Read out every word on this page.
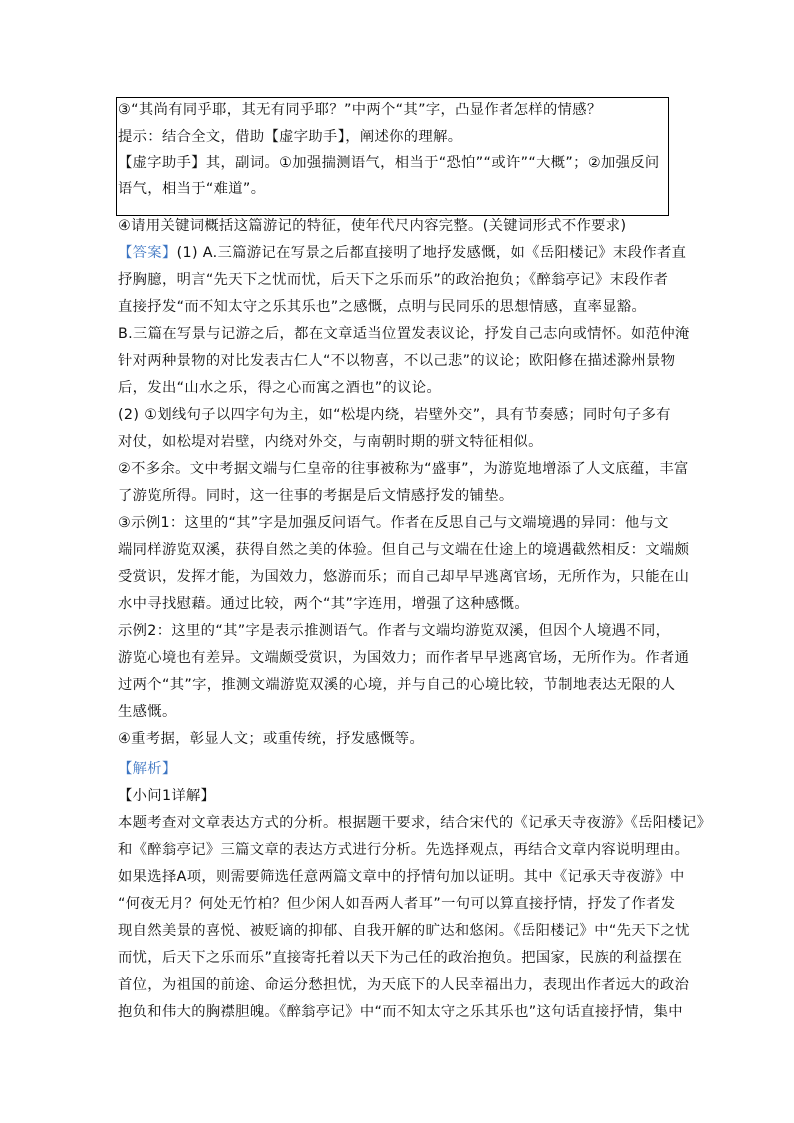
③“其尚有同乎耶，其无有同乎耶？”中两个“其”字，凸显作者怎样的情感？
提示：结合全文，借助【虚字助手】，阐述你的理解。
【虚字助手】其，副词。①加强揣测语气，相当于“恐怕”“或许”“大概”；②加强反问
语气，相当于“难道”。
④请用关键词概括这篇游记的特征，使年代尺内容完整。(关键词形式不作要求)
【答案】(1) A.三篇游记在写景之后都直接明了地抒发感慨，如《岳阳楼记》末段作者直
抒胸臆，明言“先天下之忧而忧，后天下之乐而乐”的政治抱负；《醉翁亭记》末段作者
直接抒发“而不知太守之乐其乐也”之感慨，点明与民同乐的思想情感，直率显豁。
B.三篇在写景与记游之后，都在文章适当位置发表议论，抒发自己志向或情怀。如范仲淹
针对两种景物的对比发表古仁人“不以物喜，不以己悲”的议论；欧阳修在描述滁州景物
后，发出“山水之乐，得之心而寓之酒也”的议论。
(2) ①划线句子以四字句为主，如“松堤内绕，岩壁外交”，具有节奏感；同时句子多有
对仗，如松堤对岩壁，内绕对外交，与南朝时期的骈文特征相似。
②不多余。文中考据文端与仁皇帝的往事被称为“盛事”，为游览地增添了人文底蕴，丰富
了游览所得。同时，这一往事的考据是后文情感抒发的铺垫。
③示例1：这里的“其”字是加强反问语气。作者在反思自己与文端境遇的异同：他与文
端同样游览双溪，获得自然之美的体验。但自己与文端在仕途上的境遇截然相反：文端颇
受赏识，发挥才能，为国效力，悠游而乐；而自己却早早逃离官场，无所作为，只能在山
水中寻找慰藉。通过比较，两个“其”字连用，增强了这种感慨。
示例2：这里的“其”字是表示推测语气。作者与文端均游览双溪，但因个人境遇不同，
游览心境也有差异。文端颇受赏识，为国效力；而作者早早逃离官场，无所作为。作者通
过两个“其”字，推测文端游览双溪的心境，并与自己的心境比较，节制地表达无限的人
生感慨。
④重考据，彰显人文；或重传统，抒发感慨等。
【解析】
【小问1详解】
本题考查对文章表达方式的分析。根据题干要求，结合宋代的《记承天寺夜游》《岳阳楼记》
和《醉翁亭记》三篇文章的表达方式进行分析。先选择观点，再结合文章内容说明理由。
如果选择A项，则需要筛选任意两篇文章中的抒情句加以证明。其中《记承天寺夜游》中
“何夜无月？何处无竹柏？但少闲人如吾两人者耳”一句可以算直接抒情，抒发了作者发
现自然美景的喜悦、被贬谪的抑郁、自我开解的旷达和悠闲。《岳阳楼记》中“先天下之忧
而忧，后天下之乐而乐”直接寄托着以天下为己任的政治抱负。把国家，民族的利益摆在
首位，为祖国的前途、命运分愁担忧，为天底下的人民幸福出力，表现出作者远大的政治
抱负和伟大的胸襟胆魄。《醉翁亭记》中“而不知太守之乐其乐也”这句话直接抒情，集中
